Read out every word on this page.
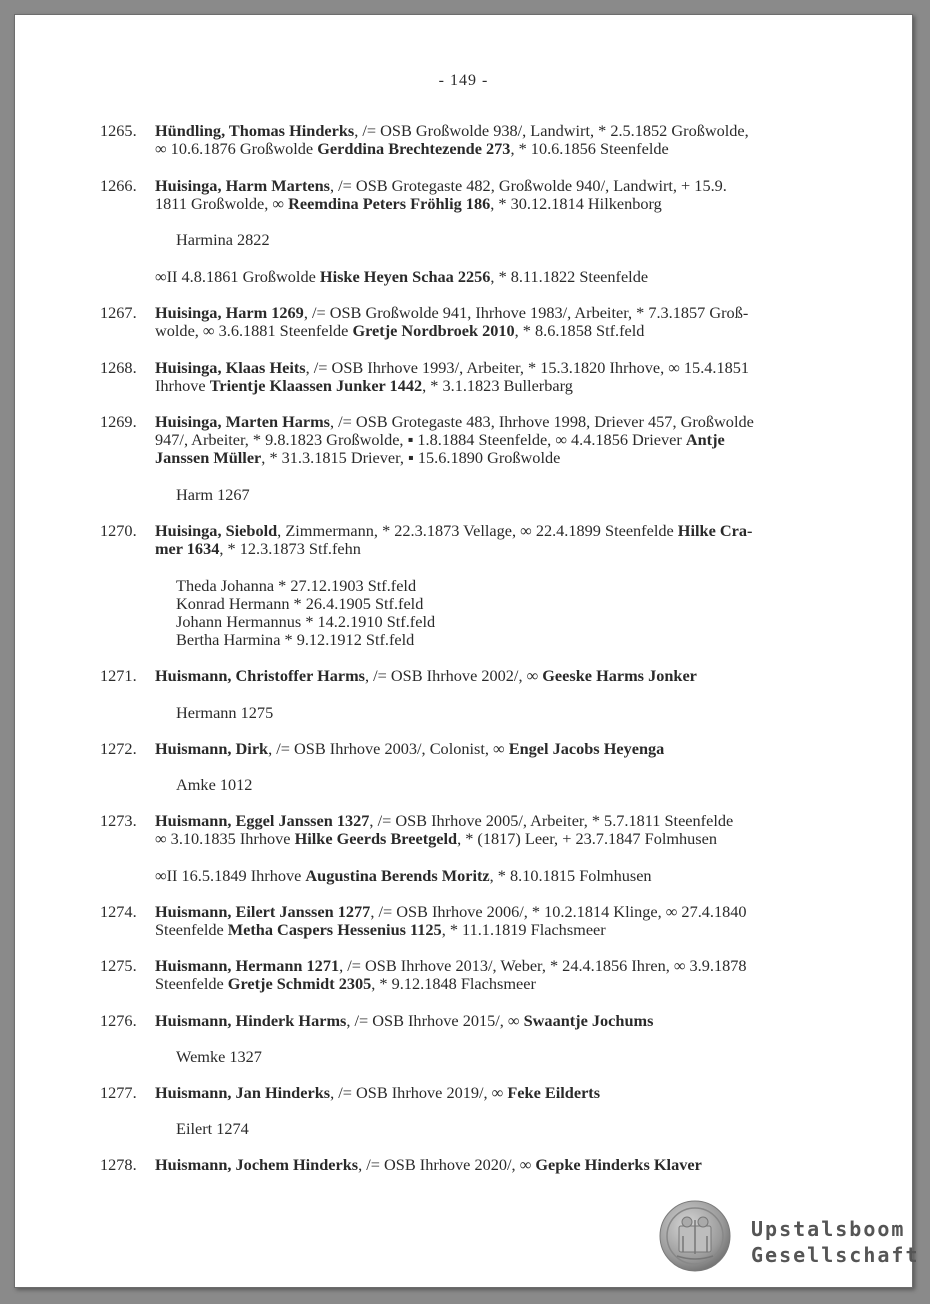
- 149 -
1265. Hündling, Thomas Hinderks, /= OSB Großwolde 938/, Landwirt, * 2.5.1852 Großwolde,
∞ 10.6.1876 Großwolde Gerddina Brechtezende 273, * 10.6.1856 Steenfelde
1266. Huisinga, Harm Martens, /= OSB Grotegaste 482, Großwolde 940/, Landwirt, + 15.9.
1811 Großwolde, ∞ Reemdina Peters Fröhlig 186, * 30.12.1814 Hilkenborg
Harmina 2822
∞II 4.8.1861 Großwolde Hiske Heyen Schaa 2256, * 8.11.1822 Steenfelde
1267. Huisinga, Harm 1269, /= OSB Großwolde 941, Ihrhove 1983/, Arbeiter, * 7.3.1857 Groß-
wolde, ∞ 3.6.1881 Steenfelde Gretje Nordbroek 2010, * 8.6.1858 Stf.feld
1268. Huisinga, Klaas Heits, /= OSB Ihrhove 1993/, Arbeiter, * 15.3.1820 Ihrhove, ∞ 15.4.1851
Ihrhove Trientje Klaassen Junker 1442, * 3.1.1823 Bullerbarg
1269. Huisinga, Marten Harms, /= OSB Grotegaste 483, Ihrhove 1998, Driever 457, Großwolde
947/, Arbeiter, * 9.8.1823 Großwolde, ▪ 1.8.1884 Steenfelde, ∞ 4.4.1856 Driever Antje
Janssen Müller, * 31.3.1815 Driever, ▪ 15.6.1890 Großwolde
Harm 1267
1270. Huisinga, Siebold, Zimmermann, * 22.3.1873 Vellage, ∞ 22.4.1899 Steenfelde Hilke Cra-
mer 1634, * 12.3.1873 Stf.fehn
Theda Johanna * 27.12.1903 Stf.feld
Konrad Hermann * 26.4.1905 Stf.feld
Johann Hermannus * 14.2.1910 Stf.feld
Bertha Harmina * 9.12.1912 Stf.feld
1271. Huismann, Christoffer Harms, /= OSB Ihrhove 2002/, ∞ Geeske Harms Jonker
Hermann 1275
1272. Huismann, Dirk, /= OSB Ihrhove 2003/, Colonist, ∞ Engel Jacobs Heyenga
Amke 1012
1273. Huismann, Eggel Janssen 1327, /= OSB Ihrhove 2005/, Arbeiter, * 5.7.1811 Steenfelde
∞ 3.10.1835 Ihrhove Hilke Geerds Breetgeld, * (1817) Leer, + 23.7.1847 Folmhusen
∞II 16.5.1849 Ihrhove Augustina Berends Moritz, * 8.10.1815 Folmhusen
1274. Huismann, Eilert Janssen 1277, /= OSB Ihrhove 2006/, * 10.2.1814 Klinge, ∞ 27.4.1840
Steenfelde Metha Caspers Hessenius 1125, * 11.1.1819 Flachsmeer
1275. Huismann, Hermann 1271, /= OSB Ihrhove 2013/, Weber, * 24.4.1856 Ihren, ∞ 3.9.1878
Steenfelde Gretje Schmidt 2305, * 9.12.1848 Flachsmeer
1276. Huismann, Hinderk Harms, /= OSB Ihrhove 2015/, ∞ Swaantje Jochums
Wemke 1327
1277. Huismann, Jan Hinderks, /= OSB Ihrhove 2019/, ∞ Feke Eilderts
Eilert 1274
1278. Huismann, Jochem Hinderks, /= OSB Ihrhove 2020/, ∞ Gepke Hinderks Klaver
Upstalsboom
Gesellschaft
